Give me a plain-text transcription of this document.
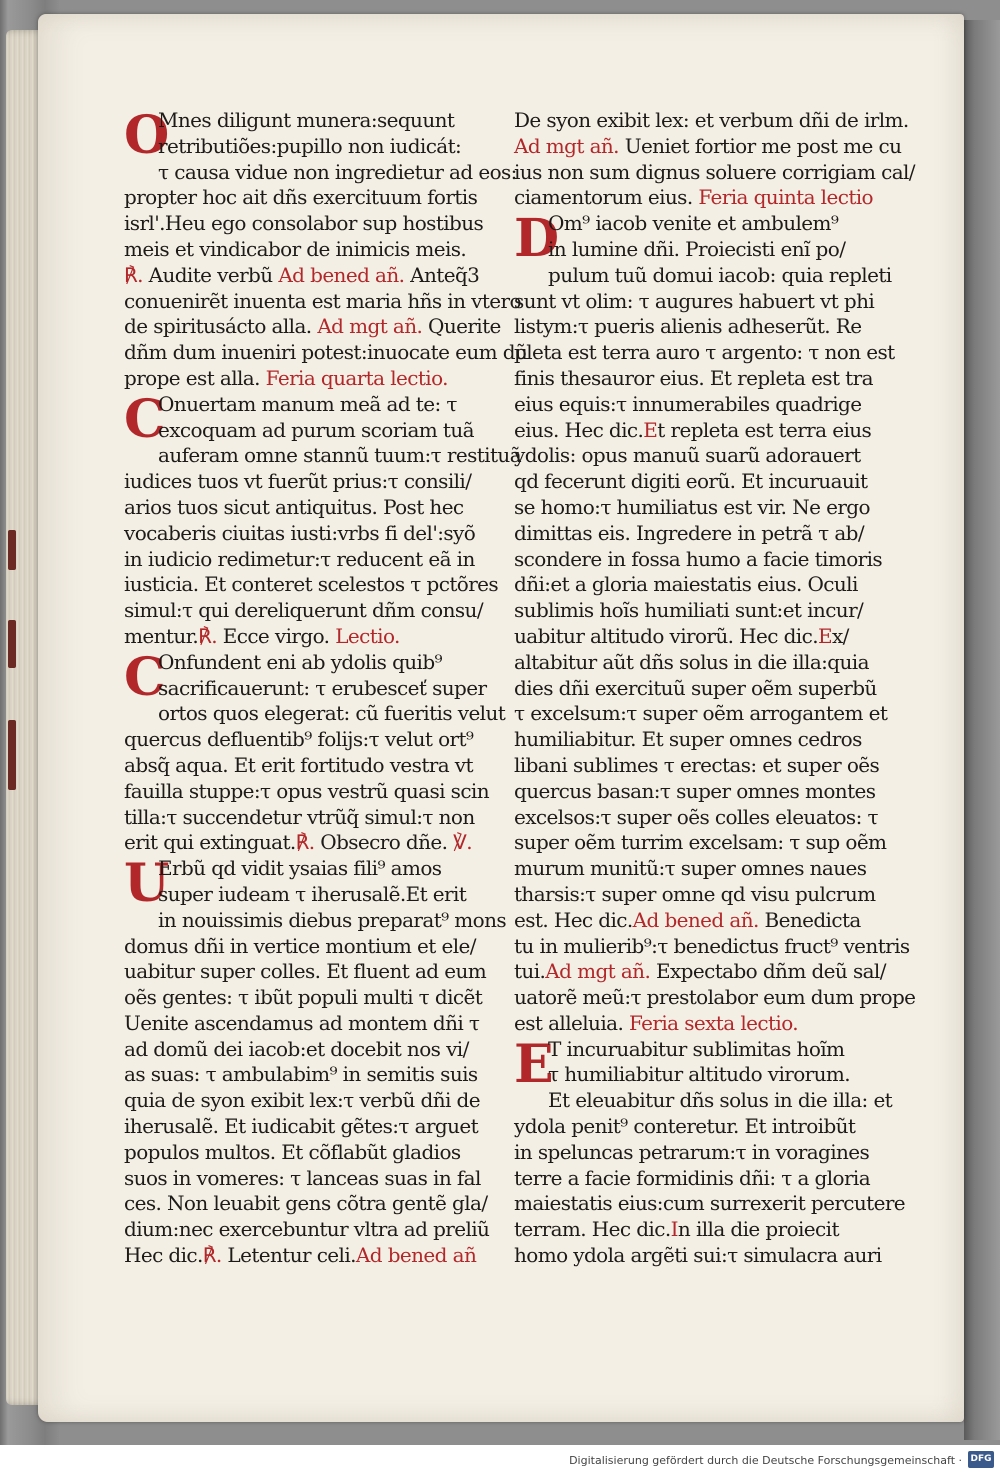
O
Mnes diligunt munera:sequunt
retributiões:pupillo non iudicát:
τ causa vidue non ingredietur ad eos:
propter hoc ait dñs exercituum fortis
isrl'.Heu ego consolabor sup hostibus
meis et vindicabor de inimicis meis.
℟. Audite verbũ Ad bened añ. Anteq̃3
conuenirẽt inuenta est maria hñs in vtero
de spiritusácto alla. Ad mgt añ. Querite
dñm dum inueniri potest:inuocate eum dũ
prope est alla. Feria quarta lectio.
C
Onuertam manum meã ad te: τ
excoquam ad purum scoriam tuã
auferam omne stannũ tuum:τ restituã
iudices tuos vt fuerũt prius:τ consili/
arios tuos sicut antiquitus. Post hec
vocaberis ciuitas iusti:vrbs fi del':syõ
in iudicio redimetur:τ reducent eã in
iusticia. Et conteret scelestos τ pctõres
simul:τ qui dereliquerunt dñm consu/
mentur.℟. Ecce virgo. Lectio.
C
Onfundent eni ab ydolis quib⁹
sacrificauerunt: τ erubesceť super
ortos quos elegerat: cũ fueritis velut
quercus defluentib⁹ folijs:τ velut ort⁹
absq̃ aqua. Et erit fortitudo vestra vt
fauilla stuppe:τ opus vestrũ quasi scin
tilla:τ succendetur vtrũq̃ simul:τ non
erit qui extinguat.℟. Obsecro dñe. ℣.
U
Erbũ qd vidit ysaias fili⁹ amos
super iudeam τ iherusalẽ.Et erit
in nouissimis diebus preparat⁹ mons
domus dñi in vertice montium et ele/
uabitur super colles. Et fluent ad eum
oẽs gentes: τ ibũt populi multi τ dicẽt
Uenite ascendamus ad montem dñi τ
ad domũ dei iacob:et docebit nos vi/
as suas: τ ambulabim⁹ in semitis suis
quia de syon exibit lex:τ verbũ dñi de
iherusalẽ. Et iudicabit gẽtes:τ arguet
populos multos. Et cõflabũt gladios
suos in vomeres: τ lanceas suas in fal
ces. Non leuabit gens cõtra gentẽ gla/
dium:nec exercebuntur vltra ad preliũ
Hec dic.℟. Letentur celi.Ad bened añ
De syon exibit lex: et verbum dñi de irlm.
Ad mgt añ. Ueniet fortior me post me cu
ius non sum dignus soluere corrigiam cal/
ciamentorum eius. Feria quinta lectio
D
Om⁹ iacob venite et ambulem⁹
in lumine dñi. Proiecisti enĩ po/
pulum tuũ domui iacob: quia repleti
sunt vt olim: τ augures habuert vt phi
listym:τ pueris alienis adheserũt. Re
pleta est terra auro τ argento: τ non est
finis thesauror eius. Et repleta est tra
eius equis:τ innumerabiles quadrige
eius. Hec dic.Et repleta est terra eius
ydolis: opus manuũ suarũ adorauert
qd fecerunt digiti eorũ. Et incuruauit
se homo:τ humiliatus est vir. Ne ergo
dimittas eis. Ingredere in petrã τ ab/
scondere in fossa humo a facie timoris
dñi:et a gloria maiestatis eius. Oculi
sublimis hoĩs humiliati sunt:et incur/
uabitur altitudo virorũ. Hec dic.Ex/
altabitur aũt dñs solus in die illa:quia
dies dñi exercituũ super oẽm superbũ
τ excelsum:τ super oẽm arrogantem et
humiliabitur. Et super omnes cedros
libani sublimes τ erectas: et super oẽs
quercus basan:τ super omnes montes
excelsos:τ super oẽs colles eleuatos: τ
super oẽm turrim excelsam: τ sup oẽm
murum munitũ:τ super omnes naues
tharsis:τ super omne qd visu pulcrum
est. Hec dic.Ad bened añ. Benedicta
tu in mulierib⁹:τ benedictus fruct⁹ ventris
tui.Ad mgt añ. Expectabo dñm deũ sal/
uatorẽ meũ:τ prestolabor eum dum prope
est alleluia. Feria sexta lectio.
E
T incuruabitur sublimitas hoĩm
τ humiliabitur altitudo virorum.
Et eleuabitur dñs solus in die illa: et
ydola penit⁹ conteretur. Et introibũt
in speluncas petrarum:τ in voragines
terre a facie formidinis dñi: τ a gloria
maiestatis eius:cum surrexerit percutere
terram. Hec dic.In illa die proiecit
homo ydola argẽti sui:τ simulacra auri
Digitalisierung gefördert durch die Deutsche Forschungsgemeinschaft · DFG
